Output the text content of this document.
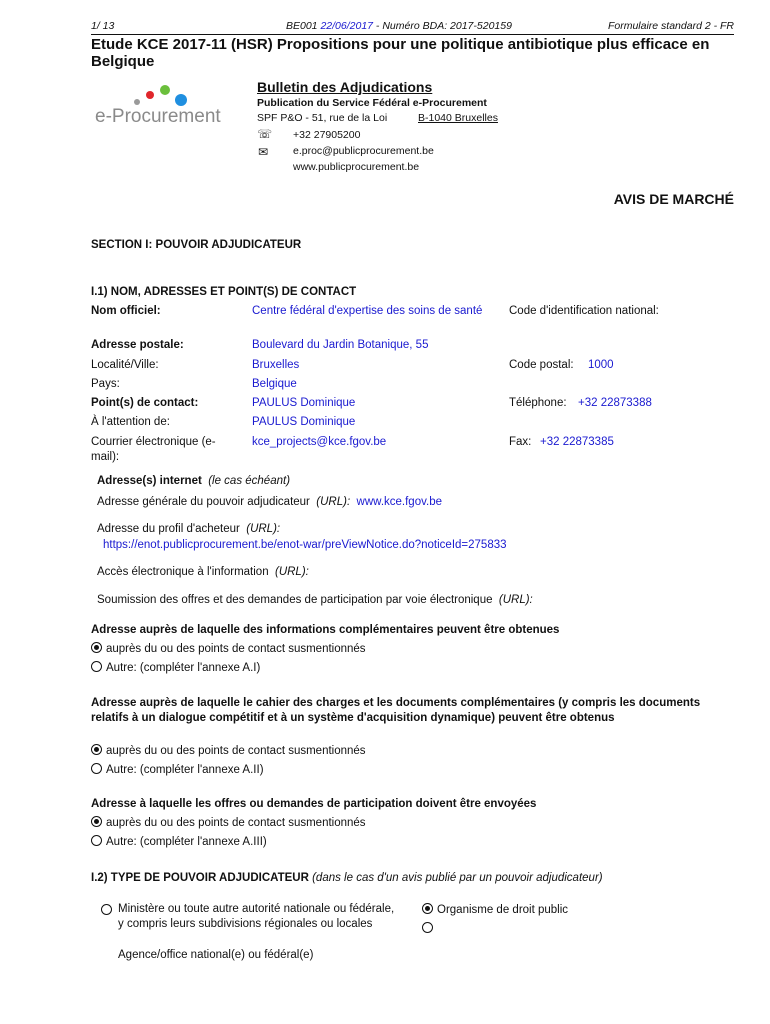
1/ 13	BE001 22/06/2017 - Numéro BDA: 2017-520159	Formulaire standard 2 - FR
Etude KCE 2017-11 (HSR) Propositions pour une politique antibiotique plus efficace en Belgique
e-Procurement
Bulletin des Adjudications
Publication du Service Fédéral e-Procurement
SPF P&O - 51, rue de la Loi	B-1040 Bruxelles
☏ +32 27905200
✉ e.proc@publicprocurement.be
www.publicprocurement.be
AVIS DE MARCHÉ
SECTION I: POUVOIR ADJUDICATEUR
I.1) NOM, ADRESSES ET POINT(S) DE CONTACT
Nom officiel:	Centre fédéral d'expertise des soins de santé	Code d'identification national:
Adresse postale:	Boulevard du Jardin Botanique, 55
Localité/Ville:	Bruxelles	Code postal: 1000
Pays:	Belgique
Point(s) de contact:	PAULUS Dominique	Téléphone: +32 22873388
À l'attention de:	PAULUS Dominique
Courrier électronique (e-mail):
kce_projects@kce.fgov.be	Fax: +32 22873385
Adresse(s) internet (le cas échéant)
Adresse générale du pouvoir adjudicateur (URL): www.kce.fgov.be
Adresse du profil d'acheteur (URL):
https://enot.publicprocurement.be/enot-war/preViewNotice.do?noticeId=275833
Accès électronique à l'information (URL):
Soumission des offres et des demandes de participation par voie électronique (URL):
Adresse auprès de laquelle des informations complémentaires peuvent être obtenues
auprès du ou des points de contact susmentionnés
Autre: (compléter l'annexe A.I)
Adresse auprès de laquelle le cahier des charges et les documents complémentaires (y compris les documents relatifs à un dialogue compétitif et à un système d'acquisition dynamique) peuvent être obtenus
auprès du ou des points de contact susmentionnés
Autre: (compléter l'annexe A.II)
Adresse à laquelle les offres ou demandes de participation doivent être envoyées
auprès du ou des points de contact susmentionnés
Autre: (compléter l'annexe A.III)
I.2) TYPE DE POUVOIR ADJUDICATEUR (dans le cas d'un avis publié par un pouvoir adjudicateur)
Ministère ou toute autre autorité nationale ou fédérale, y compris leurs subdivisions régionales ou locales
Organisme de droit public
Agence/office national(e) ou fédéral(e)
